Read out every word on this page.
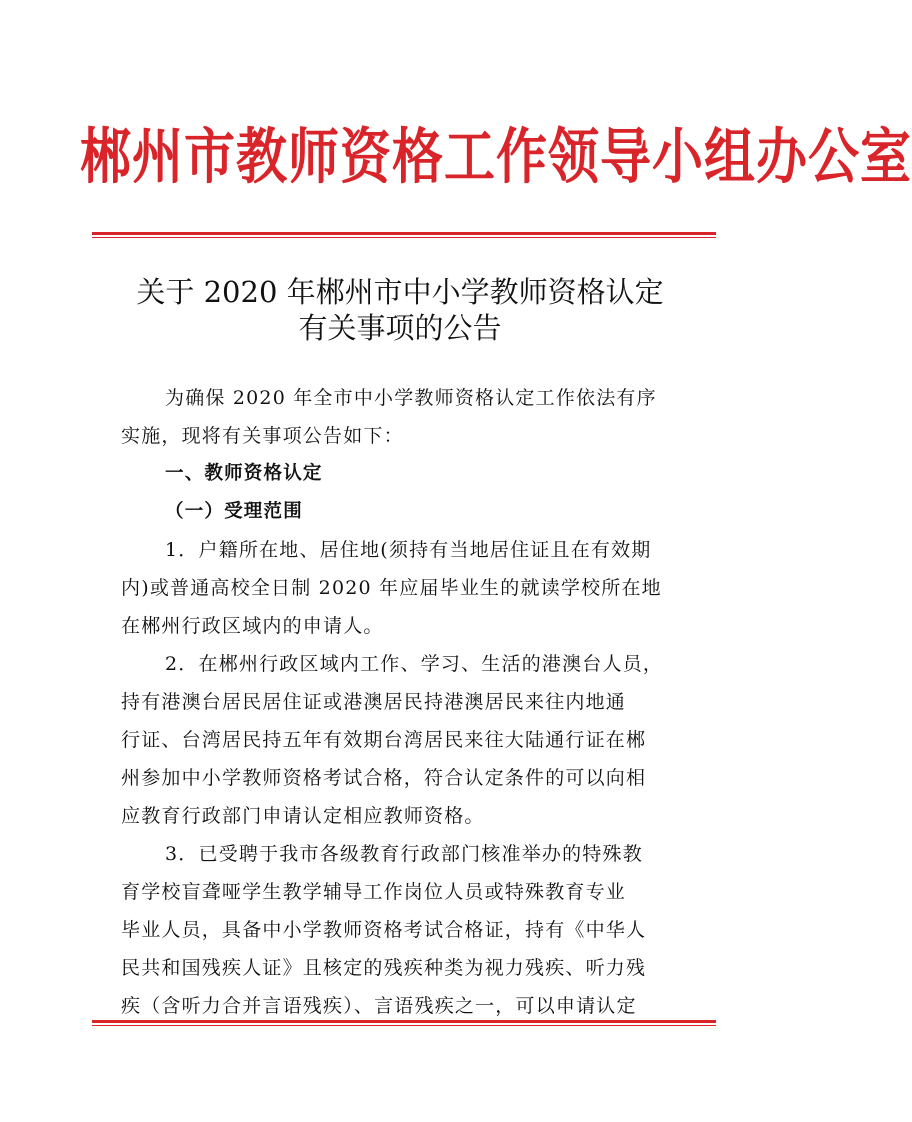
郴州市教师资格工作领导小组办公室
关于 2020 年郴州市中小学教师资格认定
有关事项的公告
为确保 2020 年全市中小学教师资格认定工作依法有序
实施，现将有关事项公告如下：
一、教师资格认定
（一）受理范围
1．户籍所在地、居住地(须持有当地居住证且在有效期
内)或普通高校全日制 2020 年应届毕业生的就读学校所在地
在郴州行政区域内的申请人。
2．在郴州行政区域内工作、学习、生活的港澳台人员，
持有港澳台居民居住证或港澳居民持港澳居民来往内地通
行证、台湾居民持五年有效期台湾居民来往大陆通行证在郴
州参加中小学教师资格考试合格，符合认定条件的可以向相
应教育行政部门申请认定相应教师资格。
3．已受聘于我市各级教育行政部门核准举办的特殊教
育学校盲聋哑学生教学辅导工作岗位人员或特殊教育专业
毕业人员，具备中小学教师资格考试合格证，持有《中华人
民共和国残疾人证》且核定的残疾种类为视力残疾、听力残
疾（含听力合并言语残疾）、言语残疾之一，可以申请认定
